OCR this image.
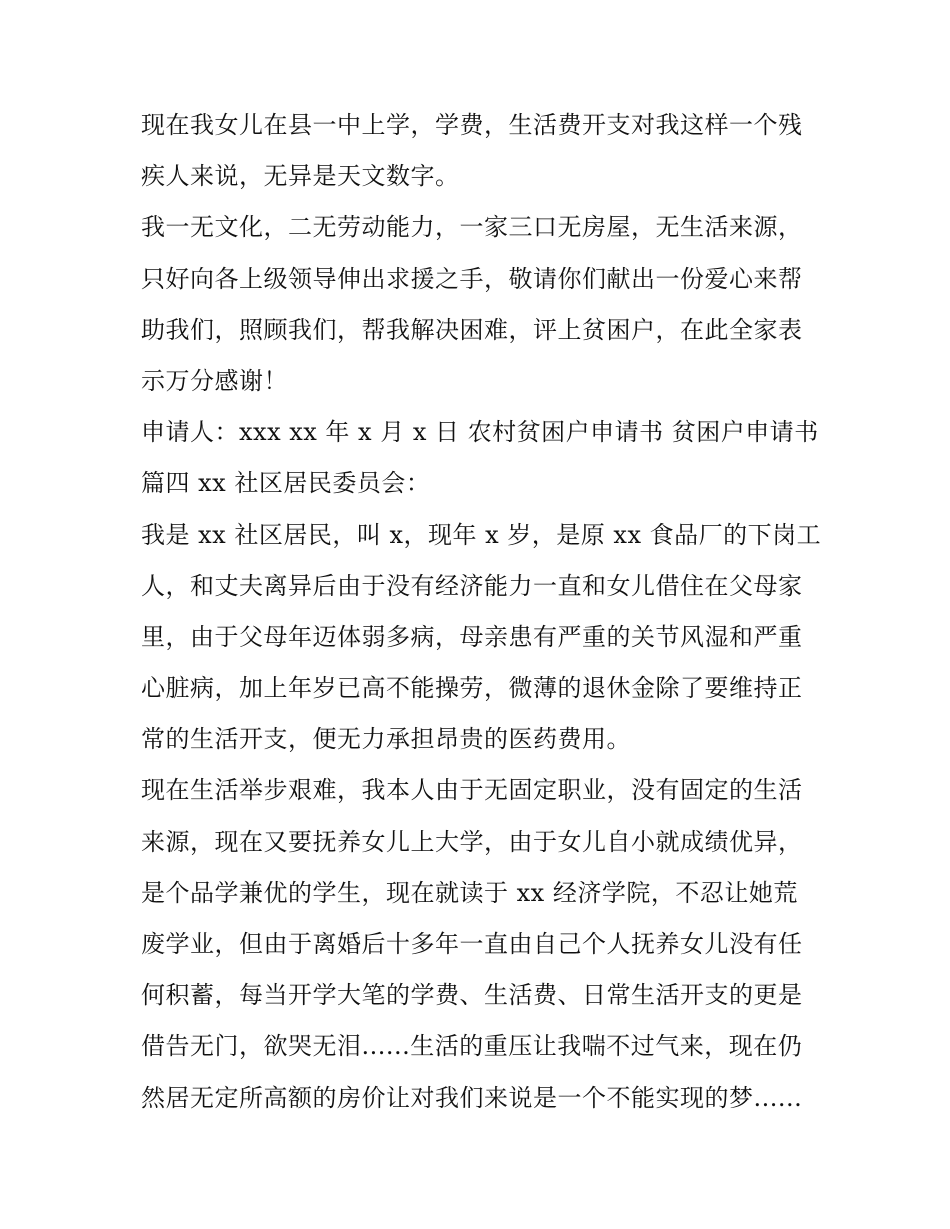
现在我女儿在县一中上学，学费，生活费开支对我这样一个残
疾人来说，无异是天文数字。
我一无文化，二无劳动能力，一家三口无房屋，无生活来源，
只好向各上级领导伸出求援之手，敬请你们献出一份爱心来帮
助我们，照顾我们，帮我解决困难，评上贫困户，在此全家表
示万分感谢！
申请人：xxx xx 年 x 月 x 日 农村贫困户申请书 贫困户申请书
篇四 xx 社区居民委员会：
我是 xx 社区居民，叫 x，现年 x 岁，是原 xx 食品厂的下岗工
人，和丈夫离异后由于没有经济能力一直和女儿借住在父母家
里，由于父母年迈体弱多病，母亲患有严重的关节风湿和严重
心脏病，加上年岁已高不能操劳，微薄的退休金除了要维持正
常的生活开支，便无力承担昂贵的医药费用。
现在生活举步艰难，我本人由于无固定职业，没有固定的生活
来源，现在又要抚养女儿上大学，由于女儿自小就成绩优异，
是个品学兼优的学生，现在就读于 xx 经济学院，不忍让她荒
废学业，但由于离婚后十多年一直由自己个人抚养女儿没有任
何积蓄，每当开学大笔的学费、生活费、日常生活开支的更是
借告无门，欲哭无泪......生活的重压让我喘不过气来，现在仍
然居无定所高额的房价让对我们来说是一个不能实现的梦......
